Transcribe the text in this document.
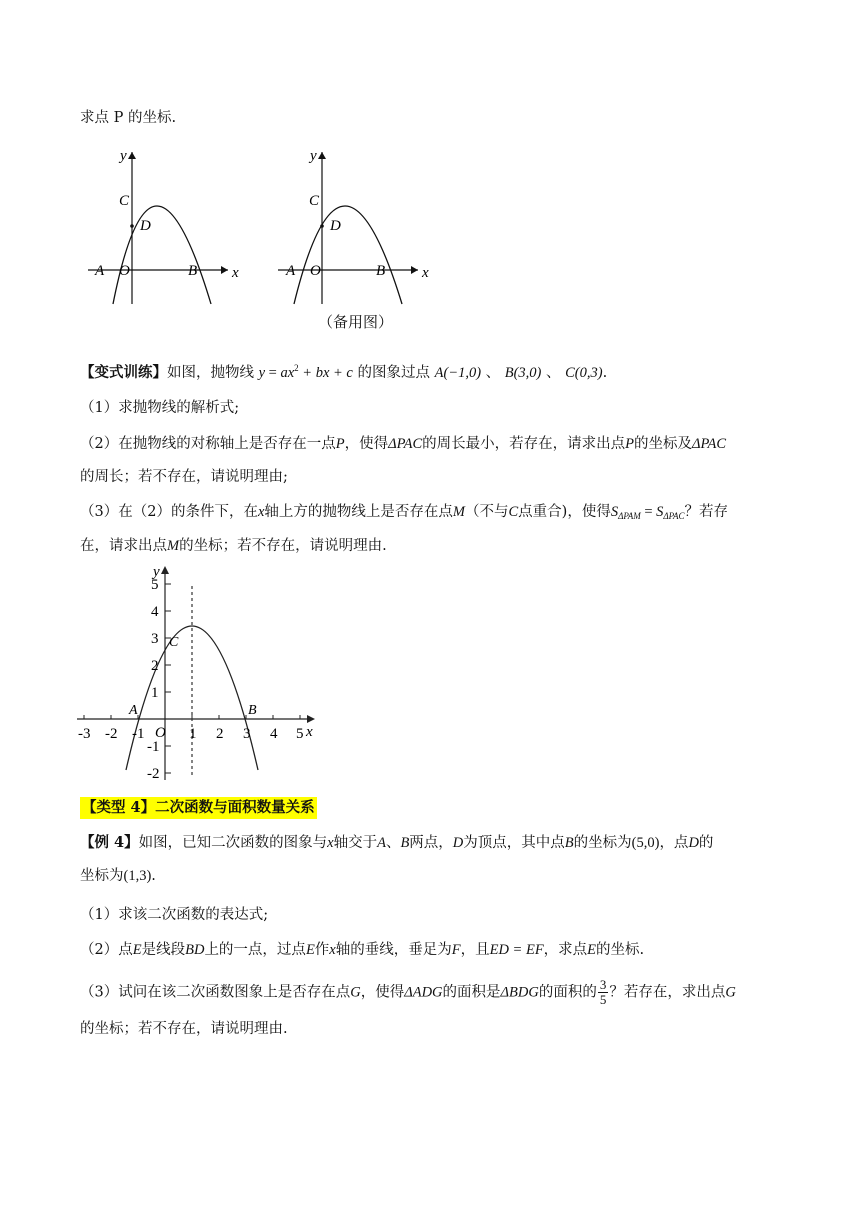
求点 P 的坐标.
y
x
C
D
A O	B
y
x
C
D
A O	B
（备用图）
【变式训练】如图，抛物线 $y = ax^2$ + bx + c 的图象过点 A(−1,0) 、 B(3,0) 、 C(0,3).
（1）求抛物线的解析式;
（2）在抛物线的对称轴上是否存在一点P，使得ΔPAC的周长最小，若存在，请求出点P的坐标及ΔPAC
的周长；若不存在，请说明理由;
（3）在（2）的条件下，在x轴上方的抛物线上是否存在点M（不与C点重合)，使得$S_{\Delta PAM} = S_{\Delta PAC}$？若存
在，请求出点M的坐标；若不存在，请说明理由.
-3 -2 -1	1 2 3 4 5 x
O
5
4
3
2
1
-1
-2
y
C
A	B
【类型 4】二次函数与面积数量关系
【例 4】如图，已知二次函数的图象与x轴交于A、B两点，D为顶点，其中点B的坐标为(5,0)，点D的
坐标为(1,3).
（1）求该二次函数的表达式;
（2）点E是线段BD上的一点，过点E作x轴的垂线，垂足为F，且ED = EF，求点E的坐标.
（3）试问在该二次函数图象上是否存在点G，使得ΔADG的面积是ΔBDG的面积的 $\frac{3}{5}$ ？若存在，求出点G
的坐标；若不存在，请说明理由.
